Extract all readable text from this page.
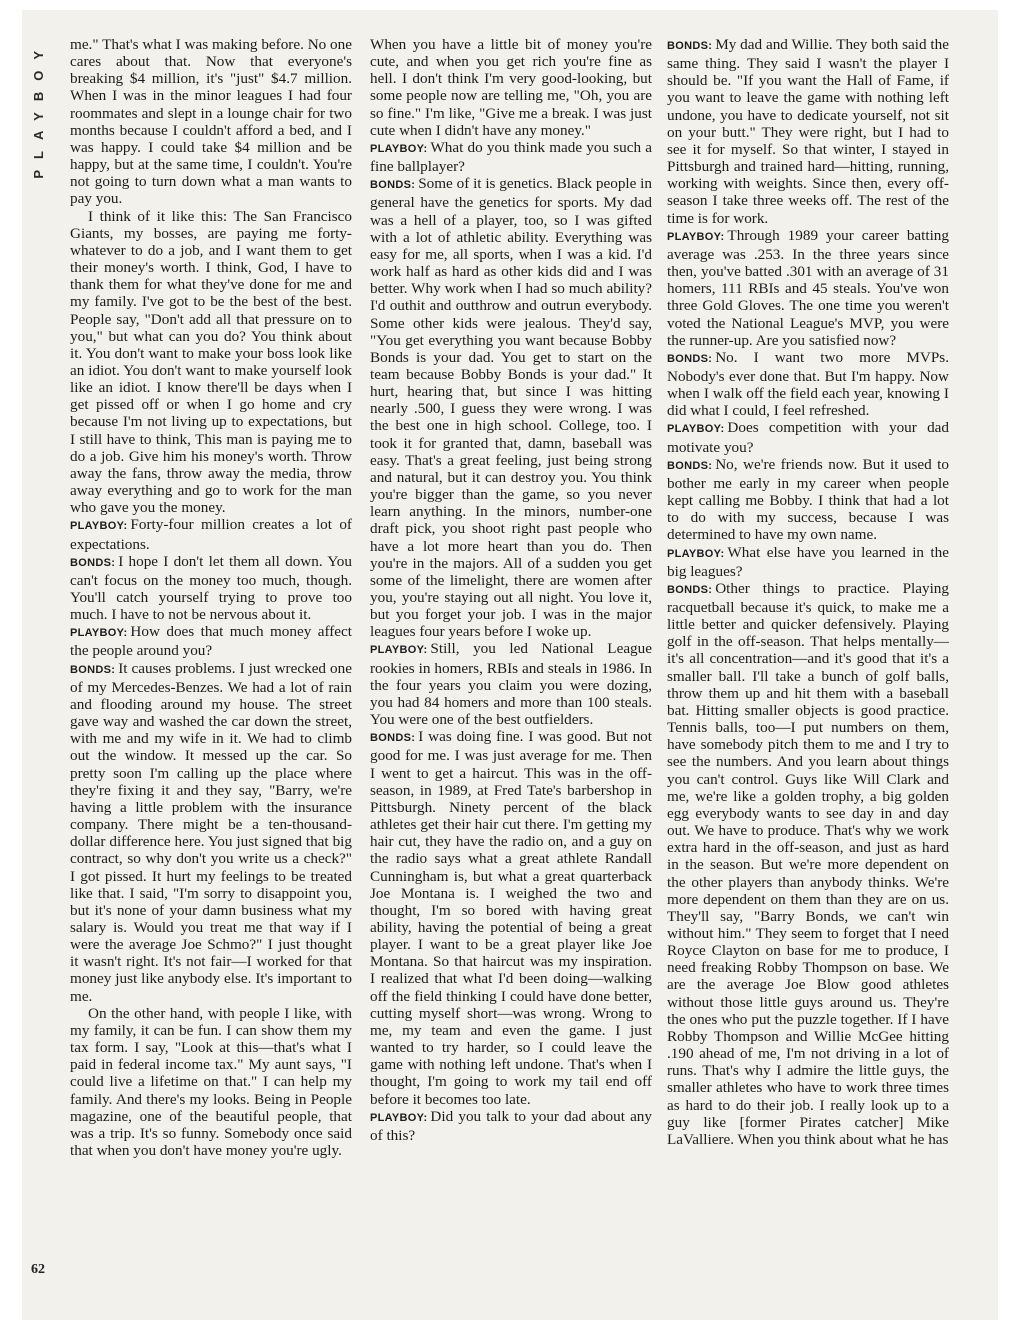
PLAYBOY
62

me." That's what I was making before. No one cares about that. Now that everyone's breaking $4 million, it's "just" $4.7 million. When I was in the minor leagues I had four roommates and slept in a lounge chair for two months because I couldn't afford a bed, and I was happy. I could take $4 million and be happy, but at the same time, I couldn't. You're not going to turn down what a man wants to pay you.

I think of it like this: The San Francisco Giants, my bosses, are paying me forty-whatever to do a job, and I want them to get their money's worth. I think, God, I have to thank them for what they've done for me and my family. I've got to be the best of the best. People say, "Don't add all that pressure on to you," but what can you do? You think about it. You don't want to make your boss look like an idiot. You don't want to make yourself look like an idiot. I know there'll be days when I get pissed off or when I go home and cry because I'm not living up to expectations, but I still have to think, This man is paying me to do a job. Give him his money's worth. Throw away the fans, throw away the media, throw away everything and go to work for the man who gave you the money.

PLAYBOY: Forty-four million creates a lot of expectations.

BONDS: I hope I don't let them all down. You can't focus on the money too much, though. You'll catch yourself trying to prove too much. I have to not be nervous about it.

PLAYBOY: How does that much money affect the people around you?

BONDS: It causes problems. I just wrecked one of my Mercedes-Benzes. We had a lot of rain and flooding around my house. The street gave way and washed the car down the street, with me and my wife in it. We had to climb out the window. It messed up the car. So pretty soon I'm calling up the place where they're fixing it and they say, "Barry, we're having a little problem with the insurance company. There might be a ten-thousand-dollar difference here. You just signed that big contract, so why don't you write us a check?" I got pissed. It hurt my feelings to be treated like that. I said, "I'm sorry to disappoint you, but it's none of your damn business what my salary is. Would you treat me that way if I were the average Joe Schmo?" I just thought it wasn't right. It's not fair—I worked for that money just like anybody else. It's important to me.

On the other hand, with people I like, with my family, it can be fun. I can show them my tax form. I say, "Look at this—that's what I paid in federal income tax." My aunt says, "I could live a lifetime on that." I can help my family. And there's my looks. Being in People magazine, one of the beautiful people, that was a trip. It's so funny. Somebody once said that when you don't have money you're ugly.

When you have a little bit of money you're cute, and when you get rich you're fine as hell. I don't think I'm very good-looking, but some people now are telling me, "Oh, you are so fine." I'm like, "Give me a break. I was just cute when I didn't have any money."

PLAYBOY: What do you think made you such a fine ballplayer?

BONDS: Some of it is genetics. Black people in general have the genetics for sports. My dad was a hell of a player, too, so I was gifted with a lot of athletic ability. Everything was easy for me, all sports, when I was a kid. I'd work half as hard as other kids did and I was better. Why work when I had so much ability? I'd outhit and outthrow and outrun everybody. Some other kids were jealous. They'd say, "You get everything you want because Bobby Bonds is your dad. You get to start on the team because Bobby Bonds is your dad." It hurt, hearing that, but since I was hitting nearly .500, I guess they were wrong. I was the best one in high school. College, too. I took it for granted that, damn, baseball was easy. That's a great feeling, just being strong and natural, but it can destroy you. You think you're bigger than the game, so you never learn anything. In the minors, number-one draft pick, you shoot right past people who have a lot more heart than you do. Then you're in the majors. All of a sudden you get some of the limelight, there are women after you, you're staying out all night. You love it, but you forget your job. I was in the major leagues four years before I woke up.

PLAYBOY: Still, you led National League rookies in homers, RBIs and steals in 1986. In the four years you claim you were dozing, you had 84 homers and more than 100 steals. You were one of the best outfielders.

BONDS: I was doing fine. I was good. But not good for me. I was just average for me. Then I went to get a haircut. This was in the off-season, in 1989, at Fred Tate's barbershop in Pittsburgh. Ninety percent of the black athletes get their hair cut there. I'm getting my hair cut, they have the radio on, and a guy on the radio says what a great athlete Randall Cunningham is, but what a great quarterback Joe Montana is. I weighed the two and thought, I'm so bored with having great ability, having the potential of being a great player. I want to be a great player like Joe Montana. So that haircut was my inspiration. I realized that what I'd been doing—walking off the field thinking I could have done better, cutting myself short—was wrong. Wrong to me, my team and even the game. I just wanted to try harder, so I could leave the game with nothing left undone. That's when I thought, I'm going to work my tail end off before it becomes too late.

PLAYBOY: Did you talk to your dad about any of this?

BONDS: My dad and Willie. They both said the same thing. They said I wasn't the player I should be. "If you want the Hall of Fame, if you want to leave the game with nothing left undone, you have to dedicate yourself, not sit on your butt." They were right, but I had to see it for myself. So that winter, I stayed in Pittsburgh and trained hard—hitting, running, working with weights. Since then, every off-season I take three weeks off. The rest of the time is for work.

PLAYBOY: Through 1989 your career batting average was .253. In the three years since then, you've batted .301 with an average of 31 homers, 111 RBIs and 45 steals. You've won three Gold Gloves. The one time you weren't voted the National League's MVP, you were the runner-up. Are you satisfied now?

BONDS: No. I want two more MVPs. Nobody's ever done that. But I'm happy. Now when I walk off the field each year, knowing I did what I could, I feel refreshed.

PLAYBOY: Does competition with your dad motivate you?

BONDS: No, we're friends now. But it used to bother me early in my career when people kept calling me Bobby. I think that had a lot to do with my success, because I was determined to have my own name.

PLAYBOY: What else have you learned in the big leagues?

BONDS: Other things to practice. Playing racquetball because it's quick, to make me a little better and quicker defensively. Playing golf in the off-season. That helps mentally—it's all concentration—and it's good that it's a smaller ball. I'll take a bunch of golf balls, throw them up and hit them with a baseball bat. Hitting smaller objects is good practice. Tennis balls, too—I put numbers on them, have somebody pitch them to me and I try to see the numbers. And you learn about things you can't control. Guys like Will Clark and me, we're like a golden trophy, a big golden egg everybody wants to see day in and day out. We have to produce. That's why we work extra hard in the off-season, and just as hard in the season. But we're more dependent on the other players than anybody thinks. We're more dependent on them than they are on us. They'll say, "Barry Bonds, we can't win without him." They seem to forget that I need Royce Clayton on base for me to produce, I need freaking Robby Thompson on base. We are the average Joe Blow good athletes without those little guys around us. They're the ones who put the puzzle together. If I have Robby Thompson and Willie McGee hitting .190 ahead of me, I'm not driving in a lot of runs. That's why I admire the little guys, the smaller athletes who have to work three times as hard to do their job. I really look up to a guy like [former Pirates catcher] Mike LaValliere. When you think about what he has
